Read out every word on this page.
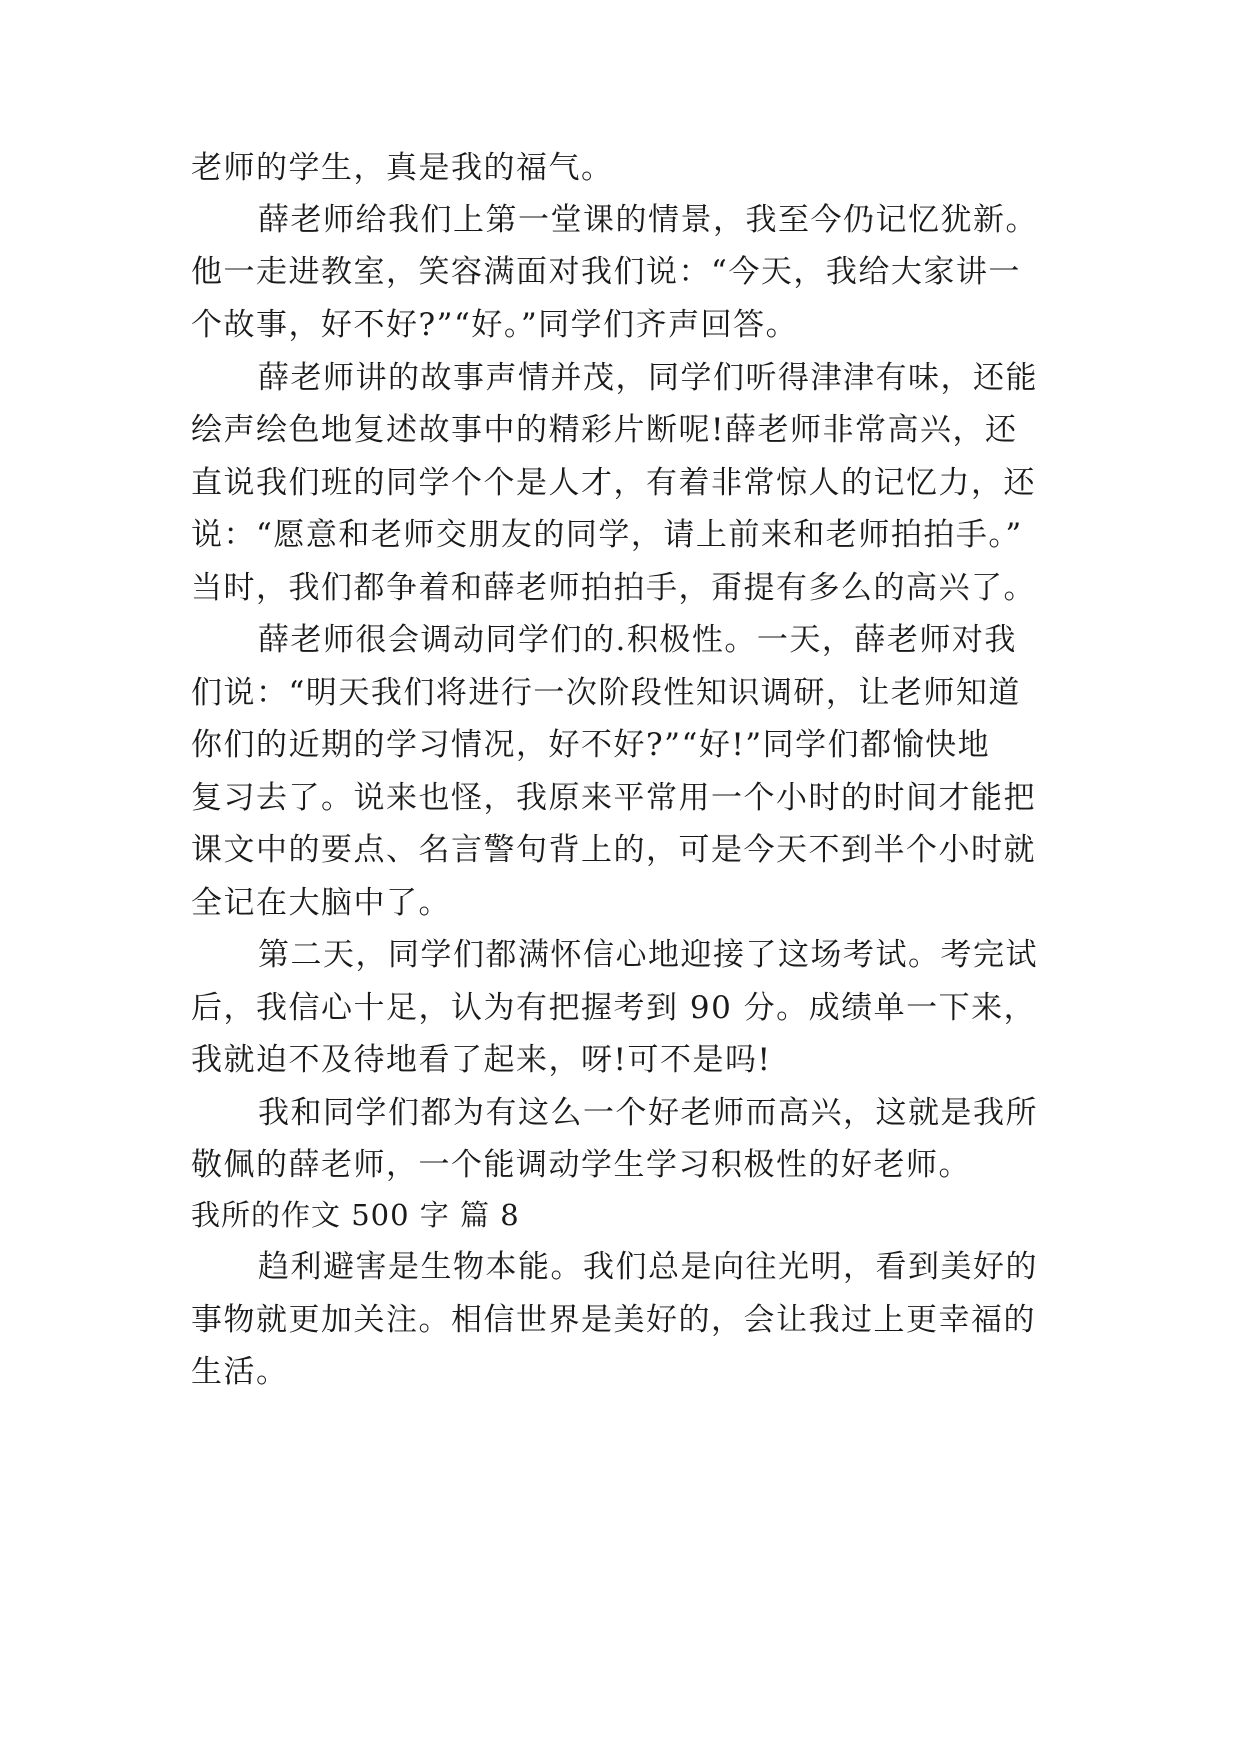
老师的学生，真是我的福气。
薛老师给我们上第一堂课的情景，我至今仍记忆犹新。
他一走进教室，笑容满面对我们说：“今天，我给大家讲一
个故事，好不好?”“好。”同学们齐声回答。
薛老师讲的故事声情并茂，同学们听得津津有味，还能
绘声绘色地复述故事中的精彩片断呢!薛老师非常高兴，还
直说我们班的同学个个是人才，有着非常惊人的记忆力，还
说：“愿意和老师交朋友的同学，请上前来和老师拍拍手。”
当时，我们都争着和薛老师拍拍手，甭提有多么的高兴了。
薛老师很会调动同学们的.积极性。一天，薛老师对我
们说：“明天我们将进行一次阶段性知识调研，让老师知道
你们的近期的学习情况，好不好?”“好!”同学们都愉快地
复习去了。说来也怪，我原来平常用一个小时的时间才能把
课文中的要点、名言警句背上的，可是今天不到半个小时就
全记在大脑中了。
第二天，同学们都满怀信心地迎接了这场考试。考完试
后，我信心十足，认为有把握考到 90 分。成绩单一下来，
我就迫不及待地看了起来，呀!可不是吗!
我和同学们都为有这么一个好老师而高兴，这就是我所
敬佩的薛老师，一个能调动学生学习积极性的好老师。
我所的作文 500 字 篇 8
趋利避害是生物本能。我们总是向往光明，看到美好的
事物就更加关注。相信世界是美好的，会让我过上更幸福的
生活。
